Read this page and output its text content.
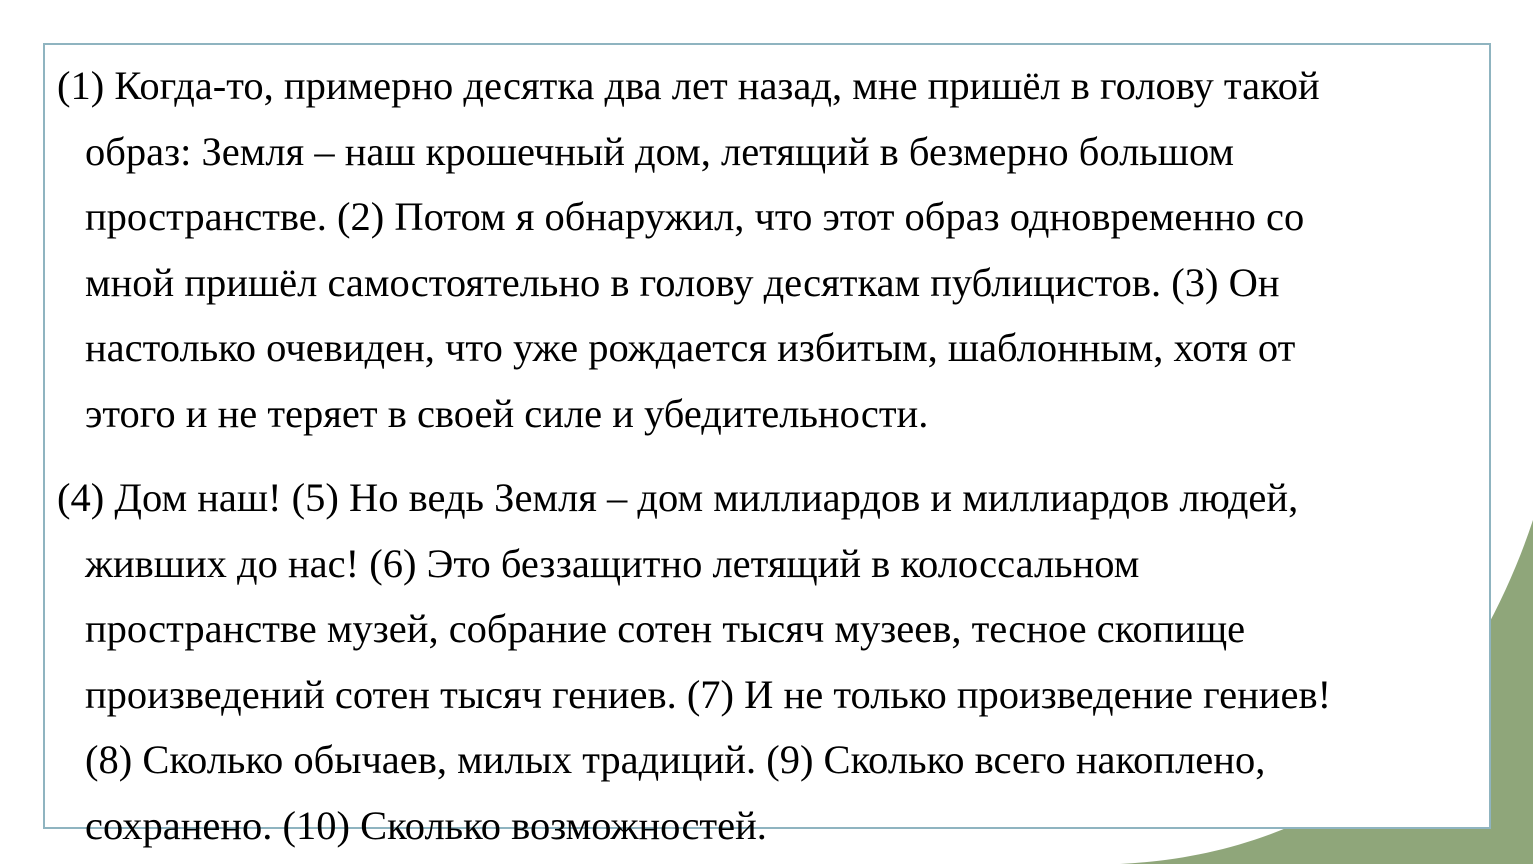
(1) Когда-то, примерно десятка два лет назад, мне пришёл в голову такой
образ: Земля – наш крошечный дом, летящий в безмерно большом
пространстве. (2) Потом я обнаружил, что этот образ одновременно со
мной пришёл самостоятельно в голову десяткам публицистов. (3) Он
настолько очевиден, что уже рождается избитым, шаблонным, хотя от
этого и не теряет в своей силе и убедительности.

(4) Дом наш! (5) Но ведь Земля – дом миллиардов и миллиардов людей,
живших до нас! (6) Это беззащитно летящий в колоссальном
пространстве музей, собрание сотен тысяч музеев, тесное скопище
произведений сотен тысяч гениев. (7) И не только произведение гениев!
(8) Сколько обычаев, милых традиций. (9) Сколько всего накоплено,
сохранено. (10) Сколько возможностей.
